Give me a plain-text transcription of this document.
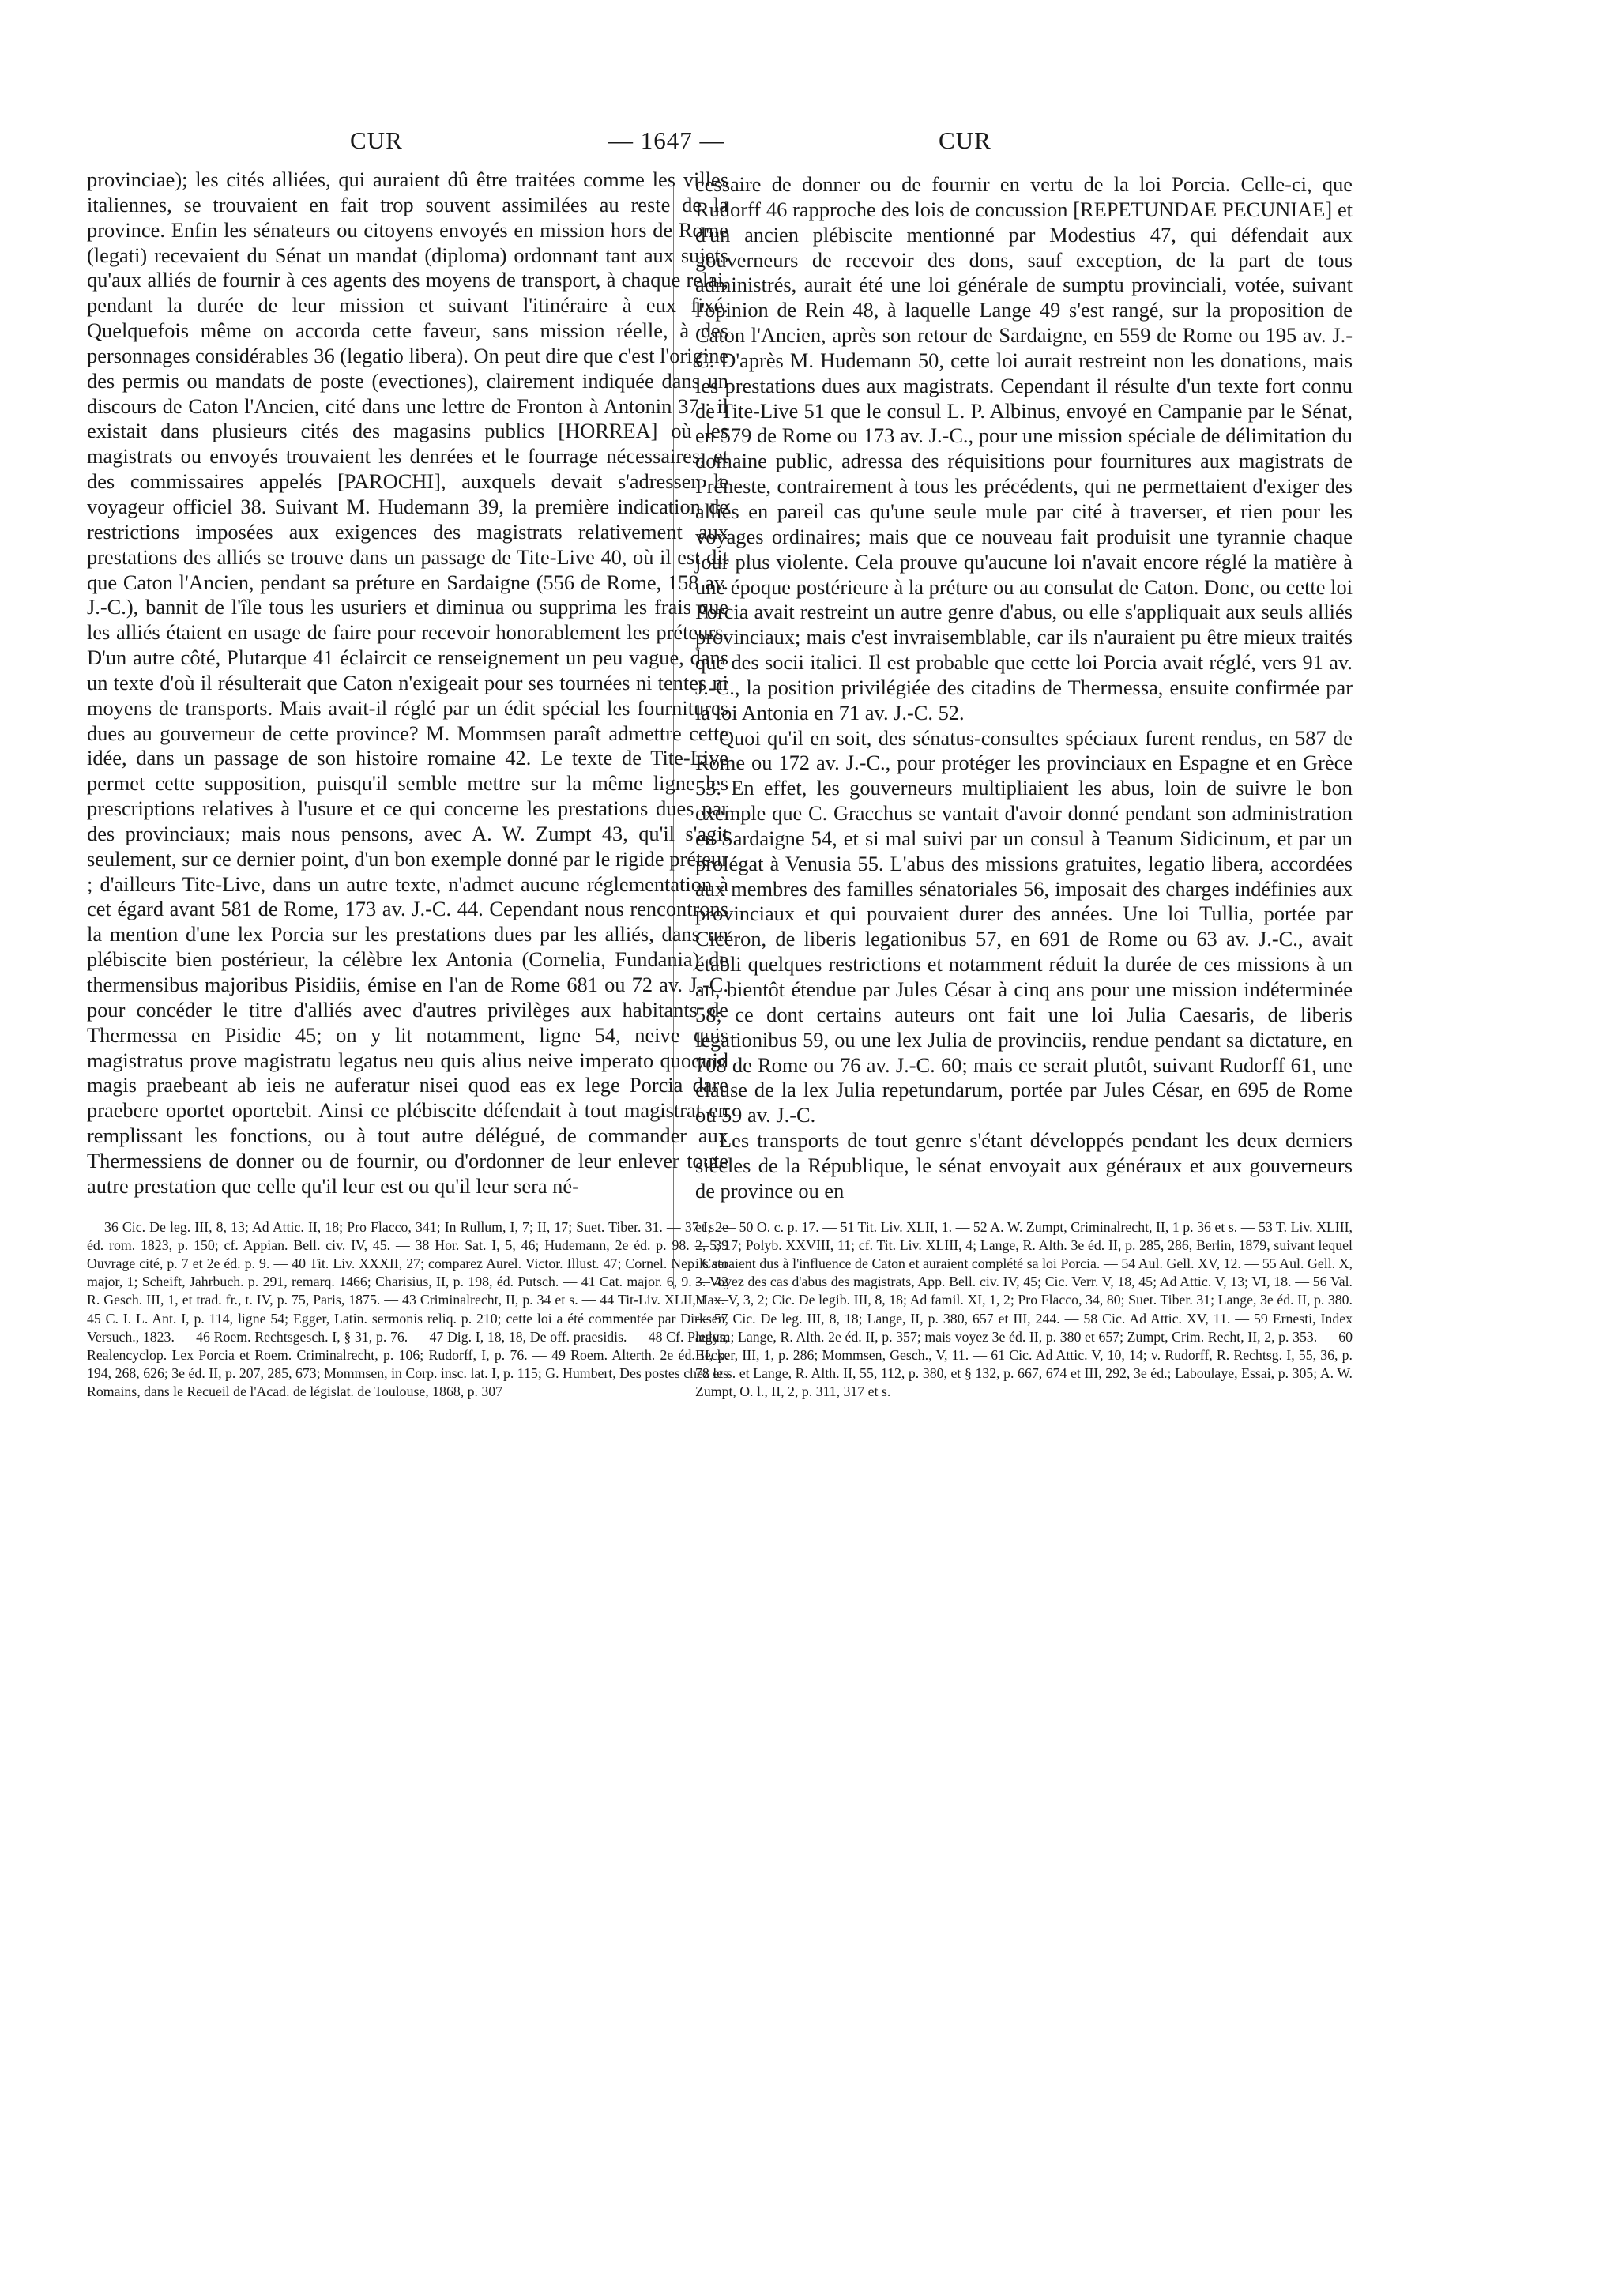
CUR	— 1647 —	CUR

provinciae); les cités alliées, qui auraient dû être traitées comme les villes italiennes, se trouvaient en fait trop souvent assimilées au reste de la province. Enfin les sénateurs ou citoyens envoyés en mission hors de Rome (legati) recevaient du Sénat un mandat (diploma) ordonnant tant aux sujets qu'aux alliés de fournir à ces agents des moyens de transport, à chaque relai, pendant la durée de leur mission et suivant l'itinéraire à eux fixé. Quelquefois même on accorda cette faveur, sans mission réelle, à des personnages considérables 36 (legatio libera). On peut dire que c'est l'origine des permis ou mandats de poste (evectiones), clairement indiquée dans un discours de Caton l'Ancien, cité dans une lettre de Fronton à Antonin 37 : il existait dans plusieurs cités des magasins publics [HORREA] où les magistrats ou envoyés trouvaient les denrées et le fourrage nécessaires, et des commissaires appelés [PAROCHI], auxquels devait s'adresser le voyageur officiel 38. Suivant M. Hudemann 39, la première indication de restrictions imposées aux exigences des magistrats relativement aux prestations des alliés se trouve dans un passage de Tite-Live 40, où il est dit que Caton l'Ancien, pendant sa préture en Sardaigne (556 de Rome, 158 av. J.-C.), bannit de l'île tous les usuriers et diminua ou supprima les frais que les alliés étaient en usage de faire pour recevoir honorablement les préteurs. D'un autre côté, Plutarque 41 éclaircit ce renseignement un peu vague, dans un texte d'où il résulterait que Caton n'exigeait pour ses tournées ni tentes ni moyens de transports. Mais avait-il réglé par un édit spécial les fournitures dues au gouverneur de cette province? M. Mommsen paraît admettre cette idée, dans un passage de son histoire romaine 42. Le texte de Tite-Live permet cette supposition, puisqu'il semble mettre sur la même ligne les prescriptions relatives à l'usure et ce qui concerne les prestations dues par des provinciaux; mais nous pensons, avec A. W. Zumpt 43, qu'il s'agit seulement, sur ce dernier point, d'un bon exemple donné par le rigide préteur ; d'ailleurs Tite-Live, dans un autre texte, n'admet aucune réglementation à cet égard avant 581 de Rome, 173 av. J.-C. 44. Cependant nous rencontrons la mention d'une lex Porcia sur les prestations dues par les alliés, dans un plébiscite bien postérieur, la célèbre lex Antonia (Cornelia, Fundania) de thermensibus majoribus Pisidiis, émise en l'an de Rome 681 ou 72 av. J.-C. pour concéder le titre d'alliés avec d'autres privilèges aux habitants de Thermessa en Pisidie 45; on y lit notamment, ligne 54, neive quis magistratus prove magistratu legatus neu quis alius neive imperato quoquid magis praebeant ab ieis ne auferatur nisei quod eas ex lege Porcia dare praebere oportet oportebit. Ainsi ce plébiscite défendait à tout magistrat en remplissant les fonctions, ou à tout autre délégué, de commander aux Thermessiens de donner ou de fournir, ou d'ordonner de leur enlever toute autre prestation que celle qu'il leur est ou qu'il leur sera né-

36 Cic. De leg. III, 8, 13; Ad Attic. II, 18; Pro Flacco, 341; In Rullum, I, 7; II, 17; Suet. Tiber. 31. — 37 I, 2e éd. rom. 1823, p. 150; cf. Appian. Bell. civ. IV, 45. — 38 Hor. Sat. I, 5, 46; Hudemann, 2e éd. p. 98. — 39 Ouvrage cité, p. 7 et 2e éd. p. 9. — 40 Tit. Liv. XXXII, 27; comparez Aurel. Victor. Illust. 47; Cornel. Nep. Cato major, 1; Scheift, Jahrbuch. p. 291, remarq. 1466; Charisius, II, p. 198, éd. Putsch. — 41 Cat. major. 6, 9. — 42 R. Gesch. III, 1, et trad. fr., t. IV, p. 75, Paris, 1875. — 43 Criminalrecht, II, p. 34 et s. — 44 Tit-Liv. XLII, 1. — 45 C. I. L. Ant. I, p. 114, ligne 54; Egger, Latin. sermonis reliq. p. 210; cette loi a été commentée par Dirksen, Versuch., 1823. — 46 Roem. Rechtsgesch. I, § 31, p. 76. — 47 Dig. I, 18, 18, De off. praesidis. — 48 Cf. Paulys, Realencyclop. Lex Porcia et Roem. Criminalrecht, p. 106; Rudorff, I, p. 76. — 49 Roem. Alterth. 2e éd. II, p. 194, 268, 626; 3e éd. II, p. 207, 285, 673; Mommsen, in Corp. insc. lat. I, p. 115; G. Humbert, Des postes chez les Romains, dans le Recueil de l'Acad. de législat. de Toulouse, 1868, p. 307

cessaire de donner ou de fournir en vertu de la loi Porcia. Celle-ci, que Rudorff 46 rapproche des lois de concussion [REPETUNDAE PECUNIAE] et d'un ancien plébiscite mentionné par Modestius 47, qui défendait aux gouverneurs de recevoir des dons, sauf exception, de la part de tous administrés, aurait été une loi générale de sumptu provinciali, votée, suivant l'opinion de Rein 48, à laquelle Lange 49 s'est rangé, sur la proposition de Caton l'Ancien, après son retour de Sardaigne, en 559 de Rome ou 195 av. J.-C. D'après M. Hudemann 50, cette loi aurait restreint non les donations, mais les prestations dues aux magistrats. Cependant il résulte d'un texte fort connu de Tite-Live 51 que le consul L. P. Albinus, envoyé en Campanie par le Sénat, en 579 de Rome ou 173 av. J.-C., pour une mission spéciale de délimitation du domaine public, adressa des réquisitions pour fournitures aux magistrats de Préneste, contrairement à tous les précédents, qui ne permettaient d'exiger des alliés en pareil cas qu'une seule mule par cité à traverser, et rien pour les voyages ordinaires; mais que ce nouveau fait produisit une tyrannie chaque jour plus violente. Cela prouve qu'aucune loi n'avait encore réglé la matière à une époque postérieure à la préture ou au consulat de Caton. Donc, ou cette loi Porcia avait restreint un autre genre d'abus, ou elle s'appliquait aux seuls alliés provinciaux; mais c'est invraisemblable, car ils n'auraient pu être mieux traités que des socii italici. Il est probable que cette loi Porcia avait réglé, vers 91 av. J.-C., la position privilégiée des citadins de Thermessa, ensuite confirmée par la loi Antonia en 71 av. J.-C. 52.

Quoi qu'il en soit, des sénatus-consultes spéciaux furent rendus, en 587 de Rome ou 172 av. J.-C., pour protéger les provinciaux en Espagne et en Grèce 53. En effet, les gouverneurs multipliaient les abus, loin de suivre le bon exemple que C. Gracchus se vantait d'avoir donné pendant son administration en Sardaigne 54, et si mal suivi par un consul à Teanum Sidicinum, et par un prolégat à Venusia 55. L'abus des missions gratuites, legatio libera, accordées aux membres des familles sénatoriales 56, imposait des charges indéfinies aux provinciaux et qui pouvaient durer des années. Une loi Tullia, portée par Cicéron, de liberis legationibus 57, en 691 de Rome ou 63 av. J.-C., avait établi quelques restrictions et notamment réduit la durée de ces missions à un an, bientôt étendue par Jules César à cinq ans pour une mission indéterminée 58; ce dont certains auteurs ont fait une loi Julia Caesaris, de liberis legationibus 59, ou une lex Julia de provinciis, rendue pendant sa dictature, en 708 de Rome ou 76 av. J.-C. 60; mais ce serait plutôt, suivant Rudorff 61, une clause de la lex Julia repetundarum, portée par Jules César, en 695 de Rome ou 59 av. J.-C.

Les transports de tout genre s'étant développés pendant les deux derniers siècles de la République, le sénat envoyait aux généraux et aux gouverneurs de province ou en

et s. — 50 O. c. p. 17. — 51 Tit. Liv. XLII, 1. — 52 A. W. Zumpt, Criminalrecht, II, 1 p. 36 et s. — 53 T. Liv. XLIII, 2, 5, 17; Polyb. XXVIII, 11; cf. Tit. Liv. XLIII, 4; Lange, R. Alth. 3e éd. II, p. 285, 286, Berlin, 1879, suivant lequel ils seraient dus à l'influence de Caton et auraient complété sa loi Porcia. — 54 Aul. Gell. XV, 12. — 55 Aul. Gell. X, 3. Voyez des cas d'abus des magistrats, App. Bell. civ. IV, 45; Cic. Verr. V, 18, 45; Ad Attic. V, 13; VI, 18. — 56 Val. Max. V, 3, 2; Cic. De legib. III, 8, 18; Ad famil. XI, 1, 2; Pro Flacco, 34, 80; Suet. Tiber. 31; Lange, 3e éd. II, p. 380. — 57 Cic. De leg. III, 8, 18; Lange, II, p. 380, 657 et III, 244. — 58 Cic. Ad Attic. XV, 11. — 59 Ernesti, Index legum; Lange, R. Alth. 2e éd. II, p. 357; mais voyez 3e éd. II, p. 380 et 657; Zumpt, Crim. Recht, II, 2, p. 353. — 60 Becker, III, 1, p. 286; Mommsen, Gesch., V, 11. — 61 Cic. Ad Attic. V, 10, 14; v. Rudorff, R. Rechtsg. I, 55, 36, p. 78 et s. et Lange, R. Alth. II, 55, 112, p. 380, et § 132, p. 667, 674 et III, 292, 3e éd.; Laboulaye, Essai, p. 305; A. W. Zumpt, O. l., II, 2, p. 311, 317 et s.
